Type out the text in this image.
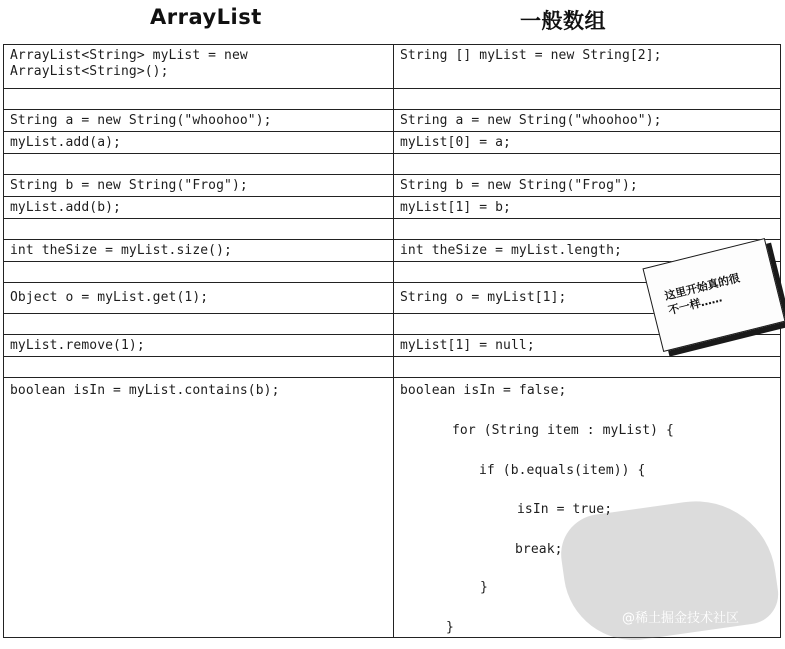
ArrayList	一般数组
ArrayList<String> myList = new ArrayList<String>();
String a = new String("whoohoo");
myList.add(a);
String b = new String("Frog");
myList.add(b);
int theSize = myList.size();
Object o = myList.get(1);
myList.remove(1);
boolean isIn = myList.contains(b);
String [] myList = new String[2];
String a = new String("whoohoo");
myList[0] = a;
String b = new String("Frog");
myList[1] = b;
int theSize = myList.length;
String o = myList[1];
myList[1] = null;
boolean isIn = false;
for (String item : myList) {
if (b.equals(item)) {
isIn = true;
break;
}
}
这里开始真的很
不一样……
@稀土掘金技术社区
